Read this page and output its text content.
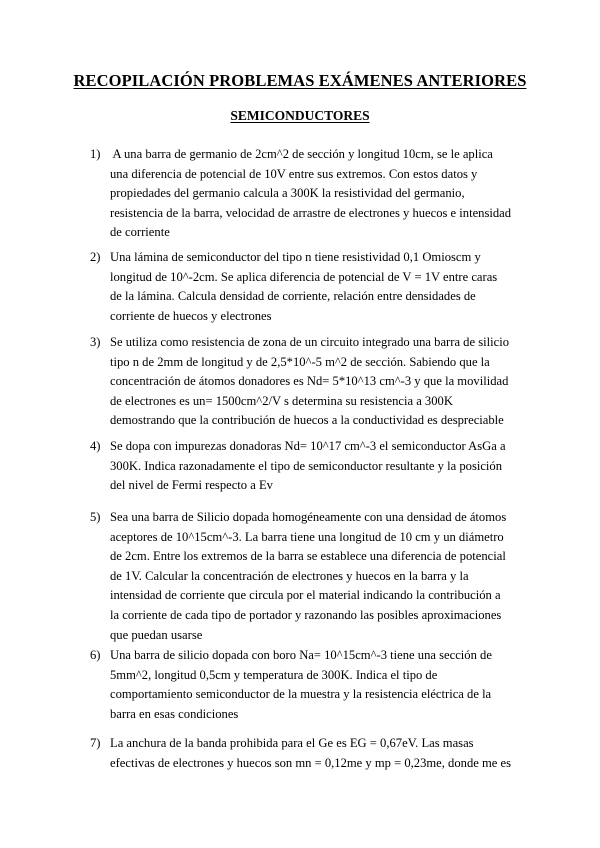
RECOPILACIÓN PROBLEMAS EXÁMENES ANTERIORES
SEMICONDUCTORES
1) A una barra de germanio de 2cm^2 de sección y longitud 10cm, se le aplica
una diferencia de potencial de 10V entre sus extremos. Con estos datos y
propiedades del germanio calcula a 300K la resistividad del germanio,
resistencia de la barra, velocidad de arrastre de electrones y huecos e intensidad
de corriente
2) Una lámina de semiconductor del tipo n tiene resistividad 0,1 Omioscm y
longitud de 10^-2cm. Se aplica diferencia de potencial de V = 1V entre caras
de la lámina. Calcula densidad de corriente, relación entre densidades de
corriente de huecos y electrones
3) Se utiliza como resistencia de zona de un circuito integrado una barra de silicio
tipo n de 2mm de longitud y de 2,5*10^-5 m^2 de sección. Sabiendo que la
concentración de átomos donadores es Nd= 5*10^13 cm^-3 y que la movilidad
de electrones es un= 1500cm^2/V s determina su resistencia a 300K
demostrando que la contribución de huecos a la conductividad es despreciable
4) Se dopa con impurezas donadoras Nd= 10^17 cm^-3 el semiconductor AsGa a
300K. Indica razonadamente el tipo de semiconductor resultante y la posición
del nivel de Fermi respecto a Ev
5) Sea una barra de Silicio dopada homogéneamente con una densidad de átomos
aceptores de 10^15cm^-3. La barra tiene una longitud de 10 cm y un diámetro
de 2cm. Entre los extremos de la barra se establece una diferencia de potencial
de 1V. Calcular la concentración de electrones y huecos en la barra y la
intensidad de corriente que circula por el material indicando la contribución a
la corriente de cada tipo de portador y razonando las posibles aproximaciones
que puedan usarse
6) Una barra de silicio dopada con boro Na= 10^15cm^-3 tiene una sección de
5mm^2, longitud 0,5cm y temperatura de 300K. Indica el tipo de
comportamiento semiconductor de la muestra y la resistencia eléctrica de la
barra en esas condiciones
7) La anchura de la banda prohibida para el Ge es EG = 0,67eV. Las masas
efectivas de electrones y huecos son mn = 0,12me y mp = 0,23me, donde me es
